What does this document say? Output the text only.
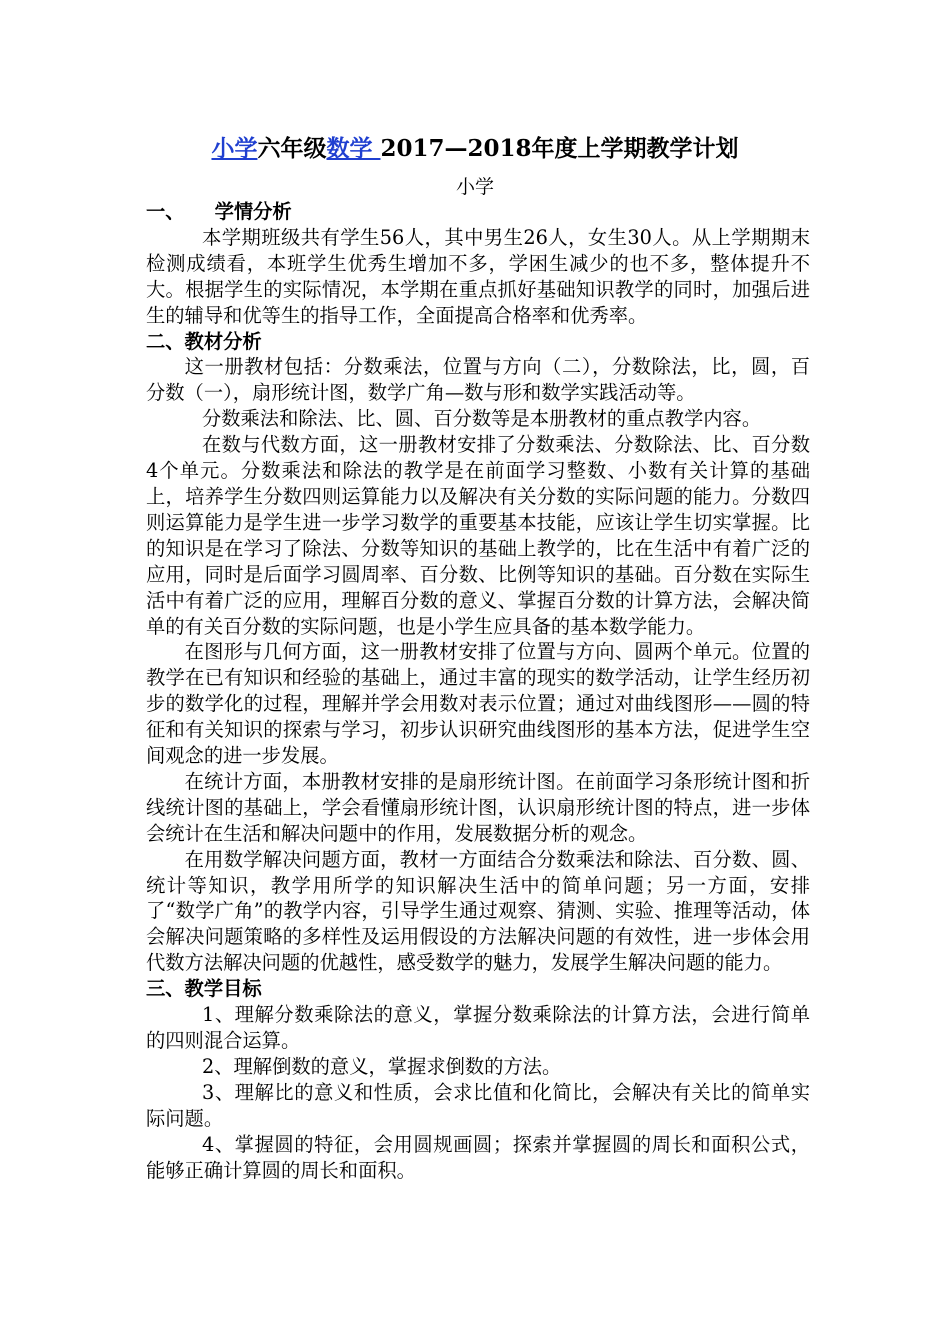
小学六年级数学 2017—2018年度上学期教学计划
小学

一、 学情分析

本学期班级共有学生56人，其中男生26人，女生30人。从上学期期末检测成绩看，本班学生优秀生增加不多，学困生减少的也不多，整体提升不大。根据学生的实际情况，本学期在重点抓好基础知识教学的同时，加强后进生的辅导和优等生的指导工作，全面提高合格率和优秀率。

二、教材分析

这一册教材包括：分数乘法，位置与方向（二），分数除法，比，圆，百分数（一），扇形统计图，数学广角—数与形和数学实践活动等。

分数乘法和除法、比、圆、百分数等是本册教材的重点教学内容。

在数与代数方面，这一册教材安排了分数乘法、分数除法、比、百分数4个单元。分数乘法和除法的教学是在前面学习整数、小数有关计算的基础上，培养学生分数四则运算能力以及解决有关分数的实际问题的能力。分数四则运算能力是学生进一步学习数学的重要基本技能，应该让学生切实掌握。比的知识是在学习了除法、分数等知识的基础上教学的，比在生活中有着广泛的应用，同时是后面学习圆周率、百分数、比例等知识的基础。百分数在实际生活中有着广泛的应用，理解百分数的意义、掌握百分数的计算方法，会解决简单的有关百分数的实际问题，也是小学生应具备的基本数学能力。

在图形与几何方面，这一册教材安排了位置与方向、圆两个单元。位置的教学在已有知识和经验的基础上，通过丰富的现实的数学活动，让学生经历初步的数学化的过程，理解并学会用数对表示位置；通过对曲线图形——圆的特征和有关知识的探索与学习，初步认识研究曲线图形的基本方法，促进学生空间观念的进一步发展。

在统计方面，本册教材安排的是扇形统计图。在前面学习条形统计图和折线统计图的基础上，学会看懂扇形统计图，认识扇形统计图的特点，进一步体会统计在生活和解决问题中的作用，发展数据分析的观念。

在用数学解决问题方面，教材一方面结合分数乘法和除法、百分数、圆、统计等知识，教学用所学的知识解决生活中的简单问题；另一方面，安排了“数学广角”的教学内容，引导学生通过观察、猜测、实验、推理等活动，体会解决问题策略的多样性及运用假设的方法解决问题的有效性，进一步体会用代数方法解决问题的优越性，感受数学的魅力，发展学生解决问题的能力。

三、教学目标

1、理解分数乘除法的意义，掌握分数乘除法的计算方法，会进行简单的四则混合运算。

2、理解倒数的意义，掌握求倒数的方法。

3、理解比的意义和性质，会求比值和化简比，会解决有关比的简单实际问题。

4、掌握圆的特征，会用圆规画圆；探索并掌握圆的周长和面积公式，能够正确计算圆的周长和面积。
